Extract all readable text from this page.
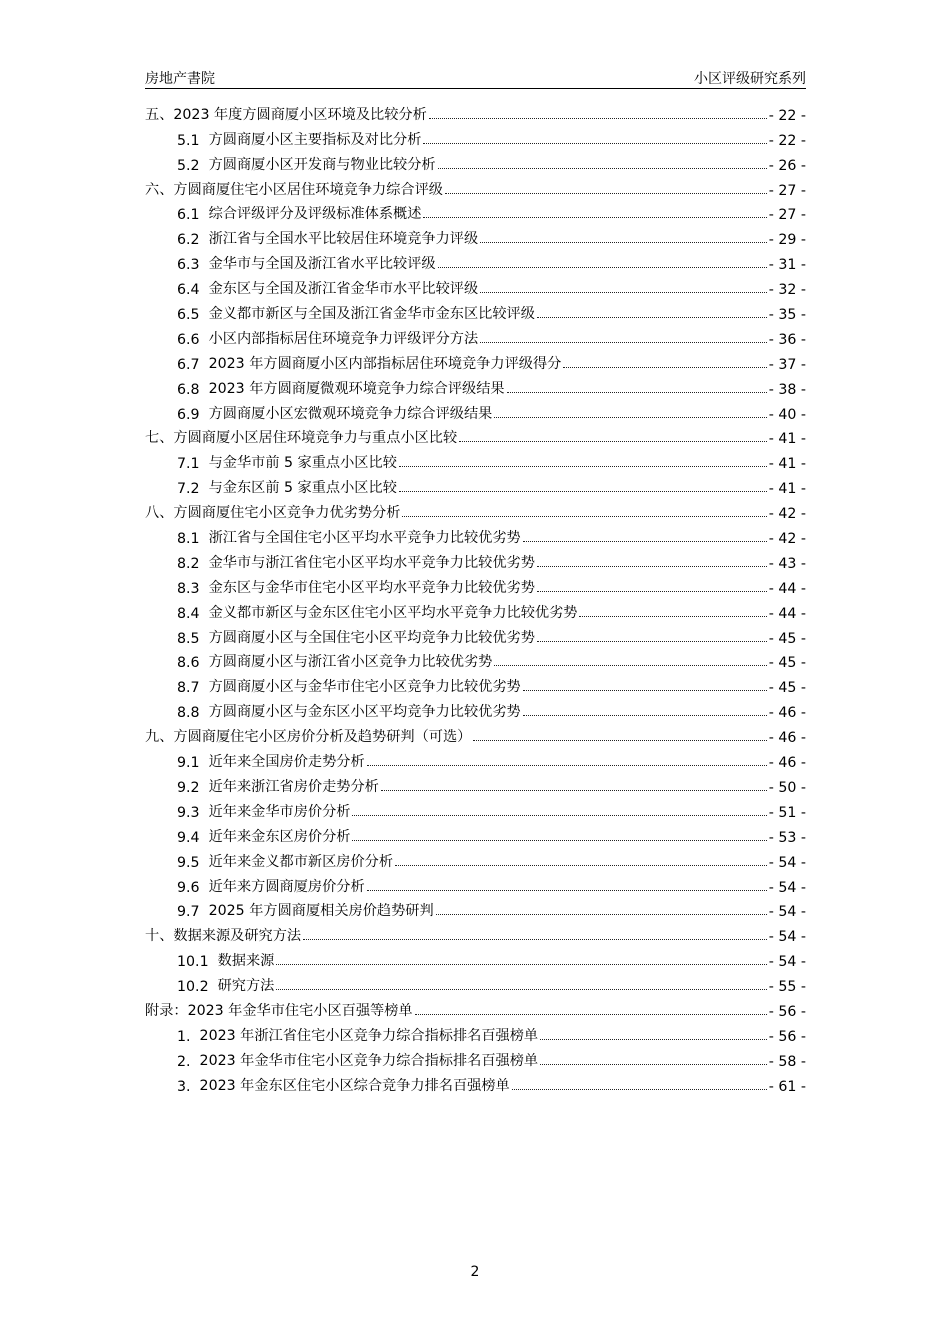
房地产書院	小区评级研究系列
五、2023 年度方圆商厦小区环境及比较分析	- 22 -
5.1 方圆商厦小区主要指标及对比分析	- 22 -
5.2 方圆商厦小区开发商与物业比较分析	- 26 -
六、方圆商厦住宅小区居住环境竞争力综合评级	- 27 -
6.1 综合评级评分及评级标准体系概述	- 27 -
6.2 浙江省与全国水平比较居住环境竞争力评级	- 29 -
6.3 金华市与全国及浙江省水平比较评级	- 31 -
6.4 金东区与全国及浙江省金华市水平比较评级	- 32 -
6.5 金义都市新区与全国及浙江省金华市金东区比较评级	- 35 -
6.6 小区内部指标居住环境竞争力评级评分方法	- 36 -
6.7 2023 年方圆商厦小区内部指标居住环境竞争力评级得分	- 37 -
6.8 2023 年方圆商厦微观环境竞争力综合评级结果	- 38 -
6.9 方圆商厦小区宏微观环境竞争力综合评级结果	- 40 -
七、方圆商厦小区居住环境竞争力与重点小区比较	- 41 -
7.1 与金华市前 5 家重点小区比较	- 41 -
7.2 与金东区前 5 家重点小区比较	- 41 -
八、方圆商厦住宅小区竞争力优劣势分析	- 42 -
8.1 浙江省与全国住宅小区平均水平竞争力比较优劣势	- 42 -
8.2 金华市与浙江省住宅小区平均水平竞争力比较优劣势	- 43 -
8.3 金东区与金华市住宅小区平均水平竞争力比较优劣势	- 44 -
8.4 金义都市新区与金东区住宅小区平均水平竞争力比较优劣势	- 44 -
8.5 方圆商厦小区与全国住宅小区平均竞争力比较优劣势	- 45 -
8.6 方圆商厦小区与浙江省小区竞争力比较优劣势	- 45 -
8.7 方圆商厦小区与金华市住宅小区竞争力比较优劣势	- 45 -
8.8 方圆商厦小区与金东区小区平均竞争力比较优劣势	- 46 -
九、方圆商厦住宅小区房价分析及趋势研判（可选）	- 46 -
9.1 近年来全国房价走势分析	- 46 -
9.2 近年来浙江省房价走势分析	- 50 -
9.3 近年来金华市房价分析	- 51 -
9.4 近年来金东区房价分析	- 53 -
9.5 近年来金义都市新区房价分析	- 54 -
9.6 近年来方圆商厦房价分析	- 54 -
9.7 2025 年方圆商厦相关房价趋势研判	- 54 -
十、数据来源及研究方法	- 54 -
10.1 数据来源	- 54 -
10.2 研究方法	- 55 -
附录：2023 年金华市住宅小区百强等榜单	- 56 -
1. 2023 年浙江省住宅小区竞争力综合指标排名百强榜单	- 56 -
2. 2023 年金华市住宅小区竞争力综合指标排名百强榜单	- 58 -
3. 2023 年金东区住宅小区综合竞争力排名百强榜单	- 61 -
2
